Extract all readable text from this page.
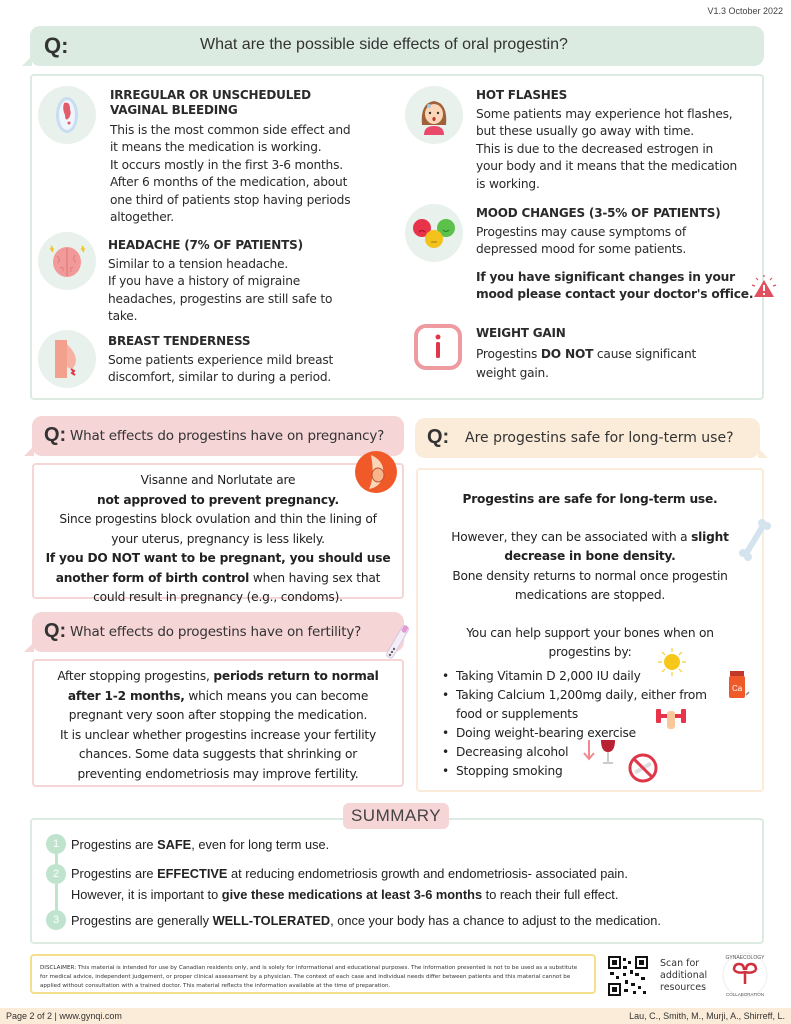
V1.3 October 2022
Q:	What are the possible side effects of oral progestin?
IRREGULAR OR UNSCHEDULED
VAGINAL BLEEDING
This is the most common side effect and
it means the medication is working.
It occurs mostly in the first 3-6 months.
After 6 months of the medication, about
one third of patients stop having periods
altogether.
HEADACHE (7% OF PATIENTS)
Similar to a tension headache.
If you have a history of migraine
headaches, progestins are still safe to
take.
BREAST TENDERNESS
Some patients experience mild breast
discomfort, similar to during a period.
HOT FLASHES
Some patients may experience hot flashes,
but these usually go away with time.
This is due to the decreased estrogen in
your body and it means that the medication
is working.
MOOD CHANGES (3-5% OF PATIENTS)
Progestins may cause symptoms of
depressed mood for some patients.
If you have significant changes in your
mood please contact your doctor's office.
WEIGHT GAIN
Progestins DO NOT cause significant
weight gain.
Q: What effects do progestins have on pregnancy?
Visanne and Norlutate are
not approved to prevent pregnancy.
Since progestins block ovulation and thin the lining of
your uterus, pregnancy is less likely.
If you DO NOT want to be pregnant, you should use
another form of birth control when having sex that
could result in pregnancy (e.g., condoms).
Q: What effects do progestins have on fertility?
After stopping progestins, periods return to normal
after 1-2 months, which means you can become
pregnant very soon after stopping the medication.
It is unclear whether progestins increase your fertility
chances. Some data suggests that shrinking or
preventing endometriosis may improve fertility.
Q: Are progestins safe for long-term use?
Progestins are safe for long-term use.
However, they can be associated with a slight
decrease in bone density.
Bone density returns to normal once progestin
medications are stopped.
You can help support your bones when on
progestins by:
• Taking Vitamin D 2,000 IU daily
• Taking Calcium 1,200mg daily, either from food or supplements
• Doing weight-bearing exercise
• Decreasing alcohol
• Stopping smoking
Ca
SUMMARY
1
2
3
Progestins are SAFE, even for long term use.
Progestins are EFFECTIVE at reducing endometriosis growth and endometriosis- associated pain.
However, it is important to give these medications at least 3-6 months to reach their full effect.
Progestins are generally WELL-TOLERATED, once your body has a chance to adjust to the medication.
DISCLAIMER: This material is intended for use by Canadian residents only, and is solely for informational and educational purposes. The information presented is not to be used as a substitute for medical advice, independent judgement, or proper clinical assessment by a physician. The context of each case and individual needs differ between patients and this material cannot be applied without consultation with a trained doctor. This material reflects the information available at the time of preparation.
Scan for
additional
resources
GYNAECOLOGY
COLLABORATION
Page 2 of 2 | www.gynqi.com	Lau, C., Smith, M., Murji, A., Shirreff, L.
